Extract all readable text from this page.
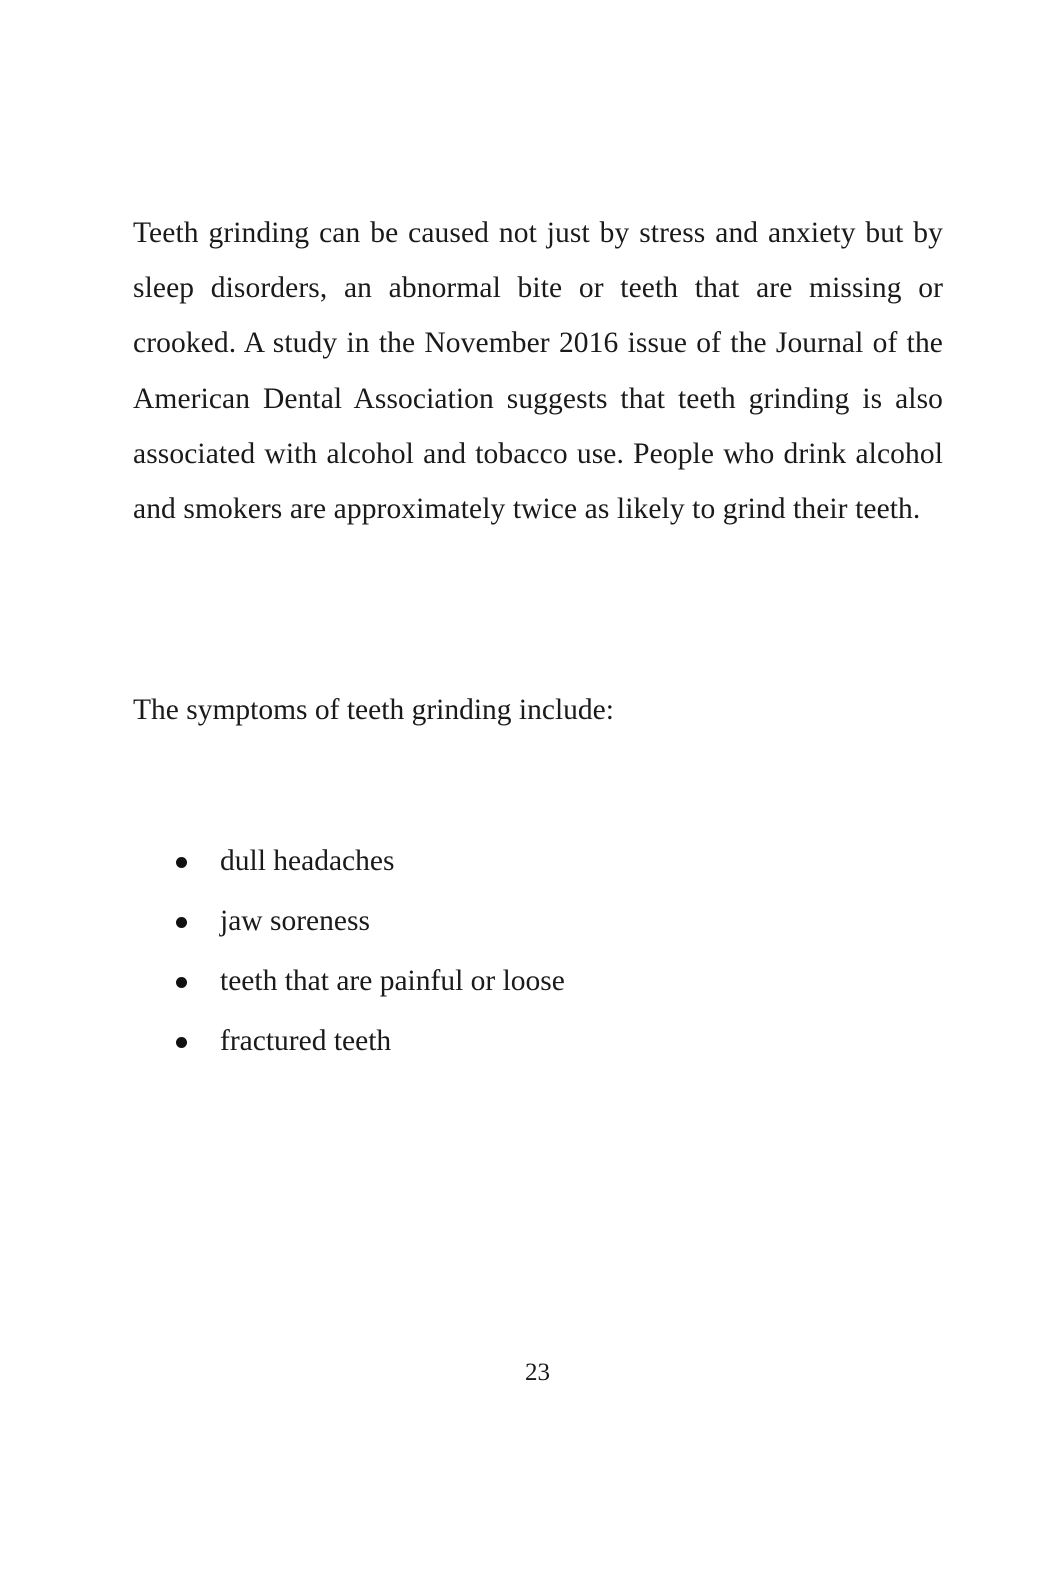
Teeth grinding can be caused not just by stress and anxiety but by sleep disorders, an abnormal bite or teeth that are missing or crooked. A study in the November 2016 issue of the Journal of the American Dental Association suggests that teeth grinding is also associated with alcohol and tobacco use. People who drink alcohol and smokers are approximately twice as likely to grind their teeth.

The symptoms of teeth grinding include:

dull headaches
jaw soreness
teeth that are painful or loose
fractured teeth

23
